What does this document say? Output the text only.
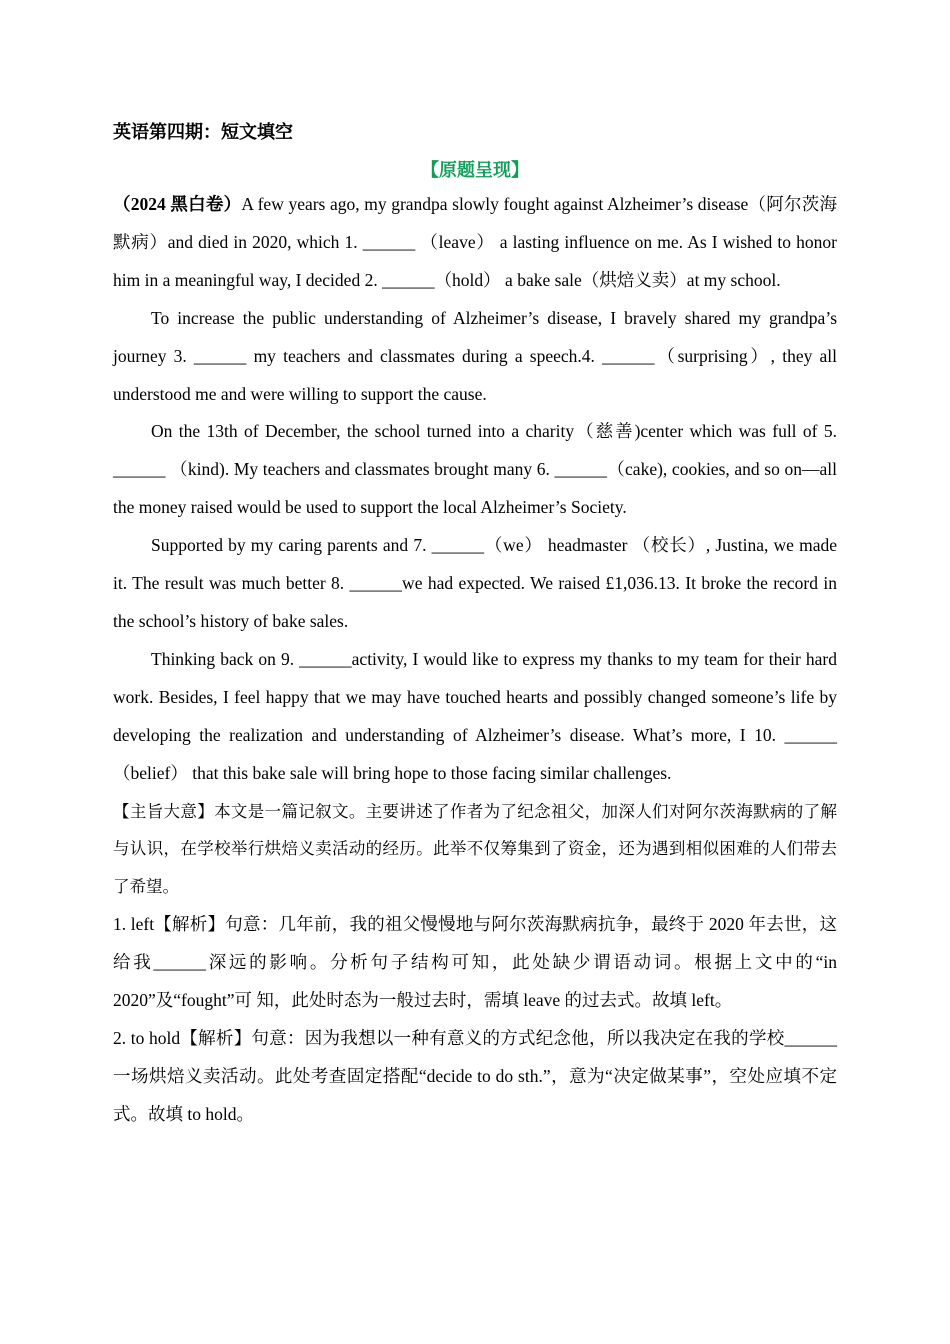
英语第四期：短文填空
【原题呈现】

（2024 黑白卷）A few years ago, my grandpa slowly fought against Alzheimer’s disease（阿尔茨海默病）and died in 2020, which 1. ______ （leave） a lasting influence on me. As I wished to honor him in a meaningful way, I decided 2. ______（hold） a bake sale（烘焙义卖）at my school.

To increase the public understanding of Alzheimer’s disease, I bravely shared my grandpa’s journey 3. ______ my teachers and classmates during a speech.4. ______（surprising）, they all understood me and were willing to support the cause.

On the 13th of December, the school turned into a charity（慈善)center which was full of 5. ______ （kind). My teachers and classmates brought many 6. ______（cake), cookies, and so on—all the money raised would be used to support the local Alzheimer’s Society.

Supported by my caring parents and 7. ______（we） headmaster （校长）, Justina, we made it. The result was much better 8. ______we had expected. We raised £1,036.13. It broke the record in the school’s history of bake sales.

Thinking back on 9. ______activity, I would like to express my thanks to my team for their hard work. Besides, I feel happy that we may have touched hearts and possibly changed someone’s life by developing the realization and understanding of Alzheimer’s disease. What’s more, I 10. ______（belief） that this bake sale will bring hope to those facing similar challenges.

【主旨大意】本文是一篇记叙文。主要讲述了作者为了纪念祖父，加深人们对阿尔茨海默病的了解与认识，在学校举行烘焙义卖活动的经历。此举不仅筹集到了资金，还为遇到相似困难的人们带去了希望。

1. left【解析】句意：几年前，我的祖父慢慢地与阿尔茨海默病抗争，最终于 2020 年去世，这给我______深远的影响。分析句子结构可知，此处缺少谓语动词。根据上文中的“in 2020”及“fought”可 知，此处时态为一般过去时，需填 leave 的过去式。故填 left。

2. to hold【解析】句意：因为我想以一种有意义的方式纪念他，所以我决定在我的学校______一场烘焙义卖活动。此处考查固定搭配“decide to do sth.”，意为“决定做某事”，空处应填不定式。故填 to hold。
